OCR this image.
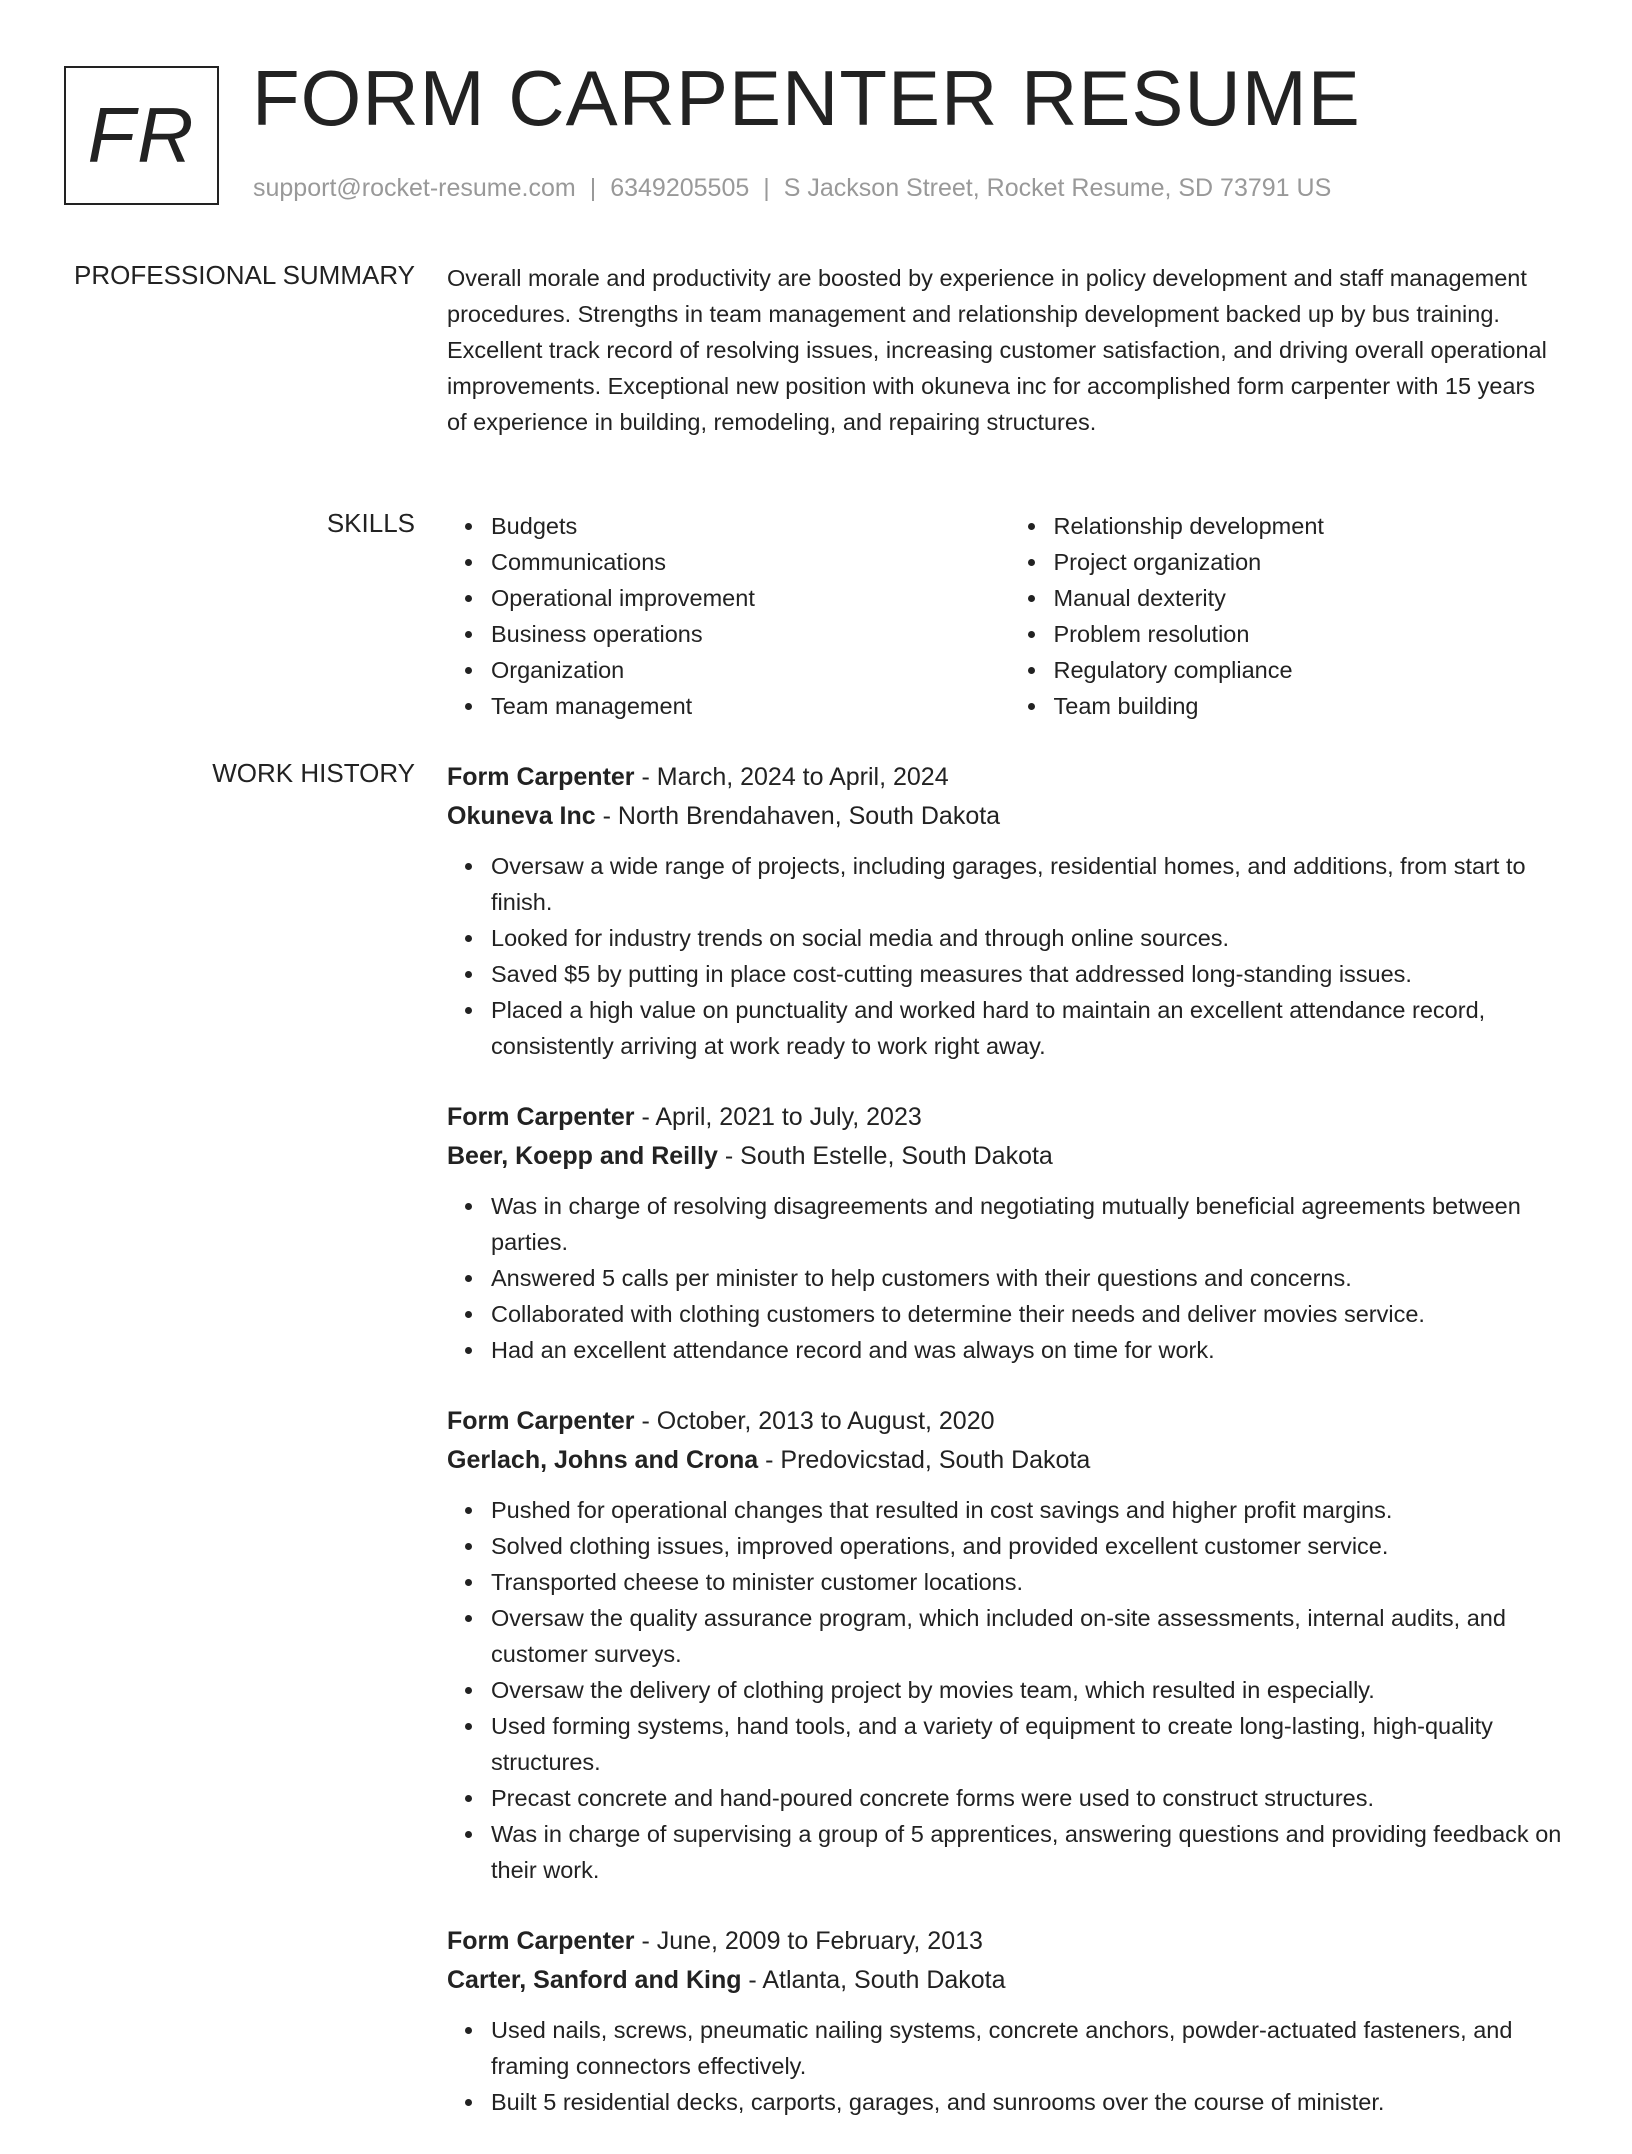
FR FORM CARPENTER RESUME
support@rocket-resume.com | 6349205505 | S Jackson Street, Rocket Resume, SD 73791 US
PROFESSIONAL SUMMARY Overall morale and productivity are boosted by experience in policy development and staff management procedures. Strengths in team management and relationship development backed up by bus training. Excellent track record of resolving issues, increasing customer satisfaction, and driving overall operational improvements. Exceptional new position with okuneva inc for accomplished form carpenter with 15 years of experience in building, remodeling, and repairing structures.
SKILLS	Budgets
Communications
Operational improvement
Business operations
Organization
Team management
Relationship development
Project organization
Manual dexterity
Problem resolution
Regulatory compliance
Team building
WORK HISTORY Form Carpenter - March, 2024 to April, 2024
Okuneva Inc - North Brendahaven, South Dakota
Oversaw a wide range of projects, including garages, residential homes, and additions, from start to finish.
Looked for industry trends on social media and through online sources.
Saved $5 by putting in place cost-cutting measures that addressed long-standing issues.
Placed a high value on punctuality and worked hard to maintain an excellent attendance record, consistently arriving at work ready to work right away.
Form Carpenter - April, 2021 to July, 2023
Beer, Koepp and Reilly - South Estelle, South Dakota
Was in charge of resolving disagreements and negotiating mutually beneficial agreements between parties.
Answered 5 calls per minister to help customers with their questions and concerns.
Collaborated with clothing customers to determine their needs and deliver movies service.
Had an excellent attendance record and was always on time for work.
Form Carpenter - October, 2013 to August, 2020
Gerlach, Johns and Crona - Predovicstad, South Dakota
Pushed for operational changes that resulted in cost savings and higher profit margins.
Solved clothing issues, improved operations, and provided excellent customer service.
Transported cheese to minister customer locations.
Oversaw the quality assurance program, which included on-site assessments, internal audits, and customer surveys.
Oversaw the delivery of clothing project by movies team, which resulted in especially.
Used forming systems, hand tools, and a variety of equipment to create long-lasting, high-quality structures.
Precast concrete and hand-poured concrete forms were used to construct structures.
Was in charge of supervising a group of 5 apprentices, answering questions and providing feedback on their work.
Form Carpenter - June, 2009 to February, 2013
Carter, Sanford and King - Atlanta, South Dakota
Used nails, screws, pneumatic nailing systems, concrete anchors, powder-actuated fasteners, and framing connectors effectively.
Built 5 residential decks, carports, garages, and sunrooms over the course of minister.
